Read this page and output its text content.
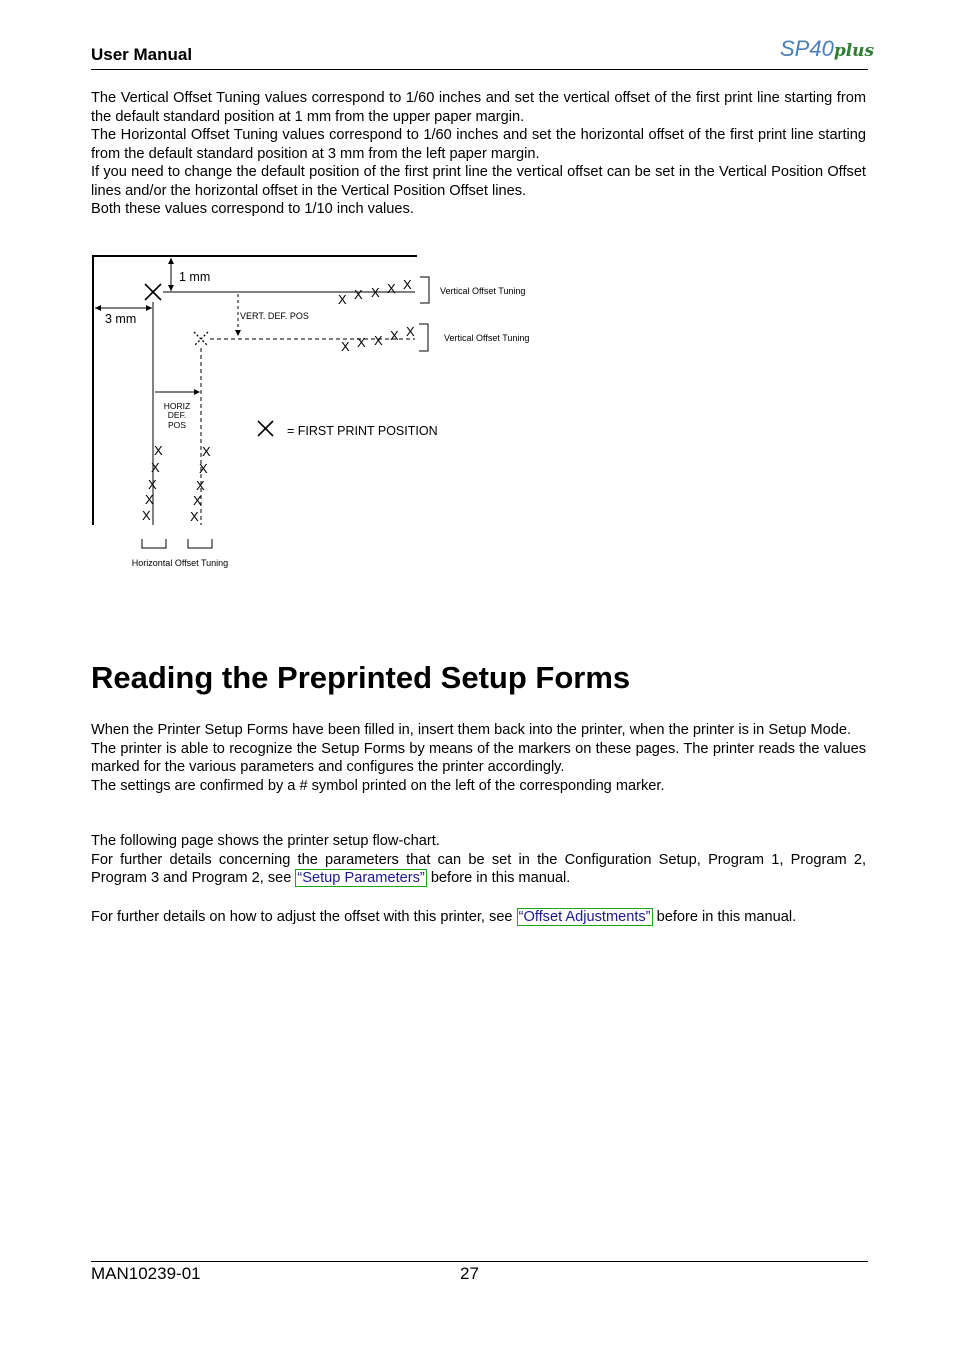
User Manual	SP40plus

The Vertical Offset Tuning values correspond to 1/60 inches and set the vertical offset of the first print line starting from the default standard position at 1 mm from the upper paper margin.

The Horizontal Offset Tuning values correspond to 1/60 inches and set the horizontal offset of the first print line starting from the default standard position at 3 mm from the left paper margin.

If you need to change the default position of the first print line the vertical offset can be set in the Vertical Position Offset lines and/or the horizontal offset in the Vertical Position Offset lines.

Both these values correspond to 1/10 inch values.

1 mm
3 mm	VERT. DEF. POS
HORIZ
DEF.
POS
X X X X X	Vertical Offset Tuning
X X X X X	Vertical Offset Tuning
= FIRST PRINT POSITION
X
X
X
X
X
X
X
X
X
X
Horizontal Offset Tuning
Reading the Preprinted Setup Forms

When the Printer Setup Forms have been filled in, insert them back into the printer, when the printer is in Setup Mode.

The printer is able to recognize the Setup Forms by means of the markers on these pages. The printer reads the values marked for the various parameters and configures the printer accordingly.

The settings are confirmed by a # symbol printed on the left of the corresponding marker.

The following page shows the printer setup flow-chart.

For further details concerning the parameters that can be set in the Configuration Setup, Program 1, Program 2, Program 3 and Program 2, see “Setup Parameters” before in this manual.

For further details on how to adjust the offset with this printer, see “Offset Adjustments” before in this manual.

MAN10239-01	27
